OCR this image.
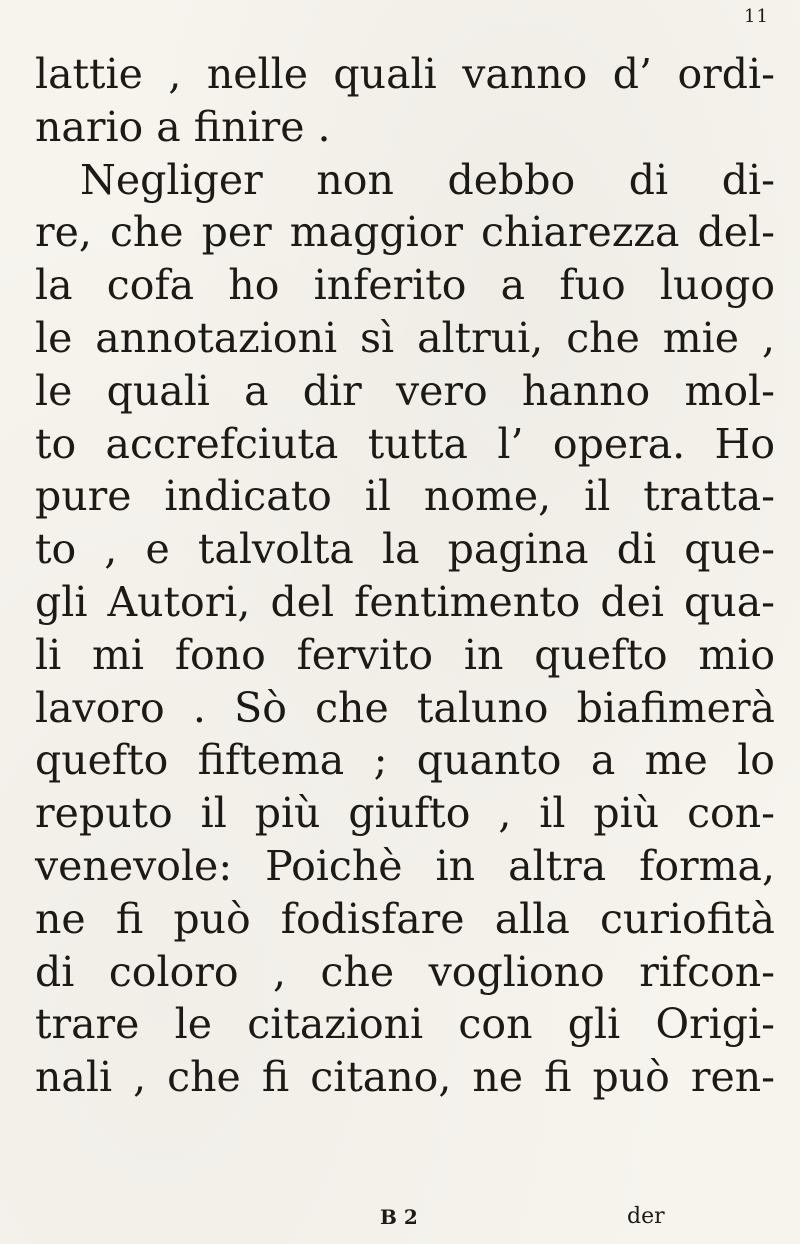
11
lattie , nelle quali vanno d’ ordi-
nario a finire .
Negliger non debbo di di-
re, che per maggior chiarezza del-
la cofa ho inferito a fuo luogo
le annotazioni sì altrui, che mie ,
le quali a dir vero hanno mol-
to accrefciuta tutta l’ opera. Ho
pure indicato il nome, il tratta-
to , e talvolta la pagina di que-
gli Autori, del fentimento dei qua-
li mi fono fervito in quefto mio
lavoro . Sò che taluno biafimerà
quefto fiftema ; quanto a me lo
reputo il più giufto , il più con-
venevole: Poichè in altra forma,
ne fi può fodisfare alla curiofità
di coloro , che vogliono rifcon-
trare le citazioni con gli Origi-
nali , che fi citano, ne fi può ren-
B 2	der
